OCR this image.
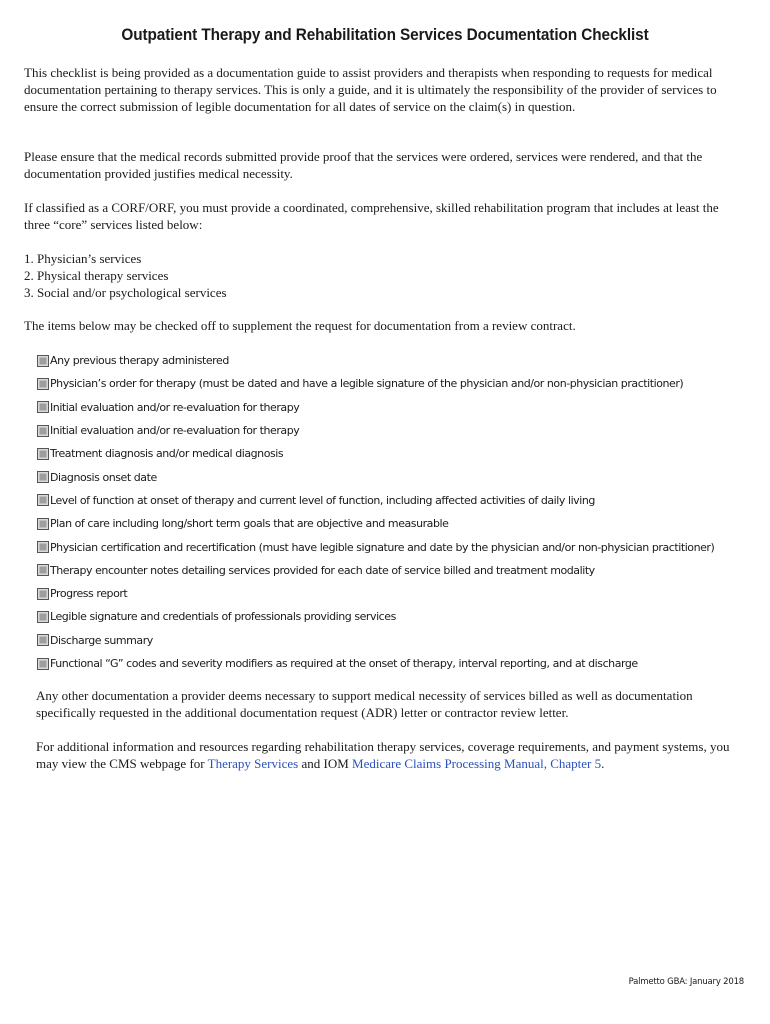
Outpatient Therapy and Rehabilitation Services Documentation Checklist

This checklist is being provided as a documentation guide to assist providers and therapists when responding to requests for medical documentation pertaining to therapy services. This is only a guide, and it is ultimately the responsibility of the provider of services to ensure the correct submission of legible documentation for all dates of service on the claim(s) in question.

Please ensure that the medical records submitted provide proof that the services were ordered, services were rendered, and that the documentation provided justifies medical necessity.

If classified as a CORF/ORF, you must provide a coordinated, comprehensive, skilled rehabilitation program that includes at least the three “core” services listed below:

1. Physician’s services
2. Physical therapy services
3. Social and/or psychological services

The items below may be checked off to supplement the request for documentation from a review contract.

Any previous therapy administered
Physician’s order for therapy (must be dated and have a legible signature of the physician and/or non-physician practitioner)
Initial evaluation and/or re-evaluation for therapy
Initial evaluation and/or re-evaluation for therapy
Treatment diagnosis and/or medical diagnosis
Diagnosis onset date
Level of function at onset of therapy and current level of function, including affected activities of daily living
Plan of care including long/short term goals that are objective and measurable
Physician certification and recertification (must have legible signature and date by the physician and/or non-physician practitioner)
Therapy encounter notes detailing services provided for each date of service billed and treatment modality
Progress report
Legible signature and credentials of professionals providing services
Discharge summary
Functional “G” codes and severity modifiers as required at the onset of therapy, interval reporting, and at discharge

Any other documentation a provider deems necessary to support medical necessity of services billed as well as documentation specifically requested in the additional documentation request (ADR) letter or contractor review letter.

For additional information and resources regarding rehabilitation therapy services, coverage requirements, and payment systems, you may view the CMS webpage for Therapy Services and IOM Medicare Claims Processing Manual, Chapter 5.

Palmetto GBA: January 2018
